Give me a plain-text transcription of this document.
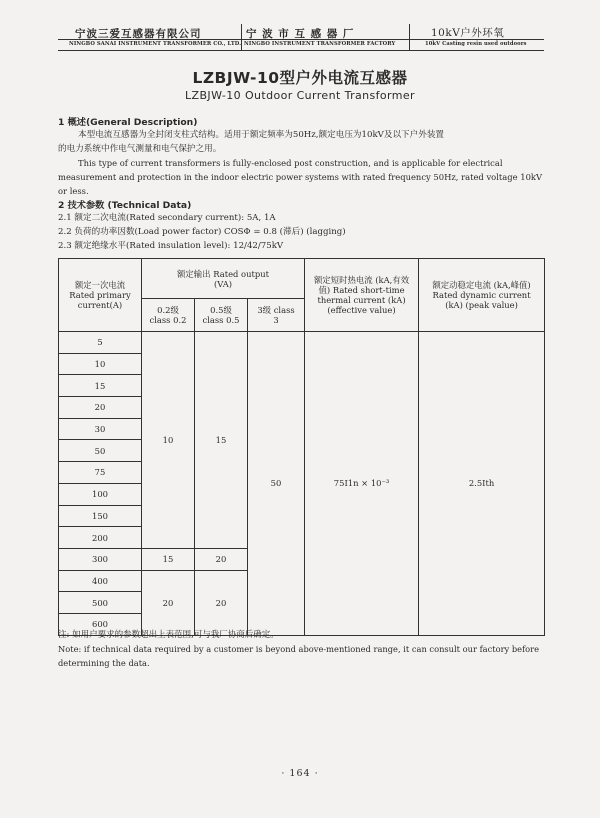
宁波三爱互感器有限公司
NINGBO SANAI INSTRUMENT TRANSFORMER CO., LTD.
宁 波 市 互 感 器 厂
NINGBO INSTRUMENT TRANSFORMER FACTORY
10kV户外环氧
10kV Casting resin used outdoors
LZBJW-10型户外电流互感器
LZBJW-10 Outdoor Current Transformer
1 概述(General Description)
本型电流互感器为全封闭支柱式结构。适用于额定频率为50Hz,额定电压为10kV及以下户外装置
的电力系统中作电气测量和电气保护之用。
This type of current transformers is fully-enclosed post construction, and is applicable for electrical measurement and protection in the indoor electric power systems with rated frequency 50Hz, rated voltage 10kV or less.
2 技术参数 (Technical Data)
2.1 额定二次电流(Rated secondary current): 5A, 1A
2.2 负荷的功率因数(Load power factor) COSΦ = 0.8 (滞后) (lagging)
2.3 额定绝缘水平(Rated insulation level): 12/42/75kV
额定一次电流 Rated primary current(A)	额定输出 Rated output (VA)			额定短时热电流 (kA,有效值) Rated short-time thermal current (kA) (effective value)	额定动稳定电流 (kA,峰值) Rated dynamic current (kA) (peak value)
	0.2级 class 0.2	0.5级 class 0.5	3级 class 3		
5	10	15	50	75I1n × 10⁻³	2.5Ith
10					
15					
20					
30					
50					
75					
100					
150					
200					
300	15	20			
400	20	20			
500					
600					
注: 如用户要求的参数超出上表范围,可与我厂协商后确定。
Note: if technical data required by a customer is beyond above-mentioned range, it can consult our factory before determining the data.
· 164 ·
